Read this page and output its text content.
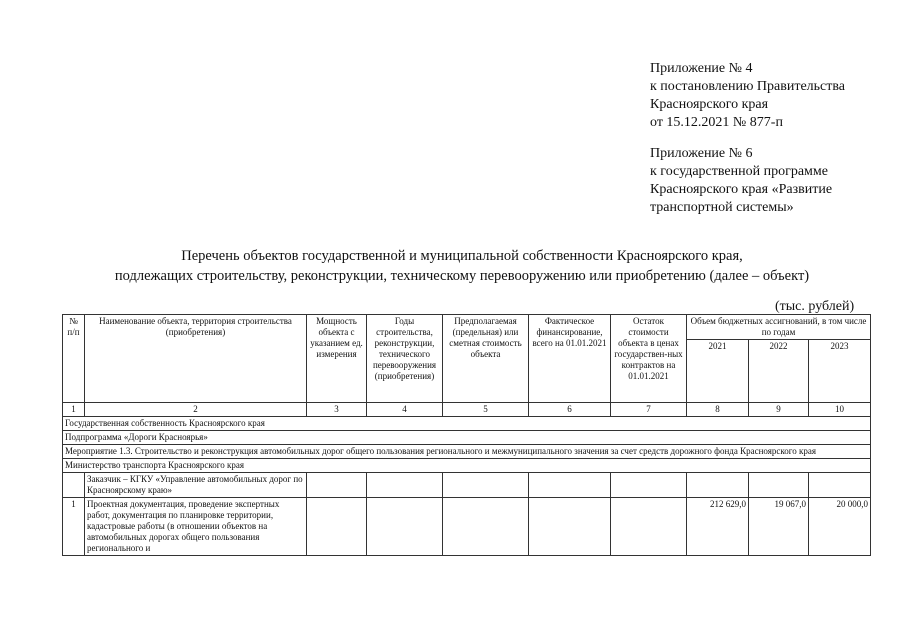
Приложение № 4
к постановлению Правительства
Красноярского края
от 15.12.2021 № 877-п
Приложение № 6
к государственной программе
Красноярского края «Развитие
транспортной системы»
Перечень объектов государственной и муниципальной собственности Красноярского края,
подлежащих строительству, реконструкции, техническому перевооружению или приобретению (далее – объект)
(тыс. рублей)
№ п/п	Наименование объекта, территория строительства (приобретения)	Мощность объекта с указанием ед. измерения	Годы строительства, реконструкции, технического перевооружения (приобретения)	Предполагаемая (предельная) или сметная стоимость объекта	Фактическое финансирование, всего на 01.01.2021	Остаток стоимости объекта в ценах государствен-ных контрактов на 01.01.2021	Объем бюджетных ассигнований, в том числе по годам		
							2021	2022	2023
1	2	3	4	5	6	7	8	9	10
Государственная собственность Красноярского края									
Подпрограмма «Дороги Красноярья»									
Мероприятие 1.3. Строительство и реконструкция автомобильных дорог общего пользования регионального и межмуниципального значения за счет средств дорожного фонда Красноярского края									
Министерство транспорта Красноярского края									
	Заказчик – КГКУ «Управление автомобильных дорог по Красноярскому краю»								
1	Проектная документация, проведение экспертных работ, документация по планировке территории, кадастровые работы (в отношении объектов на автомобильных дорогах общего пользования регионального и						212 629,0	19 067,0	20 000,0
